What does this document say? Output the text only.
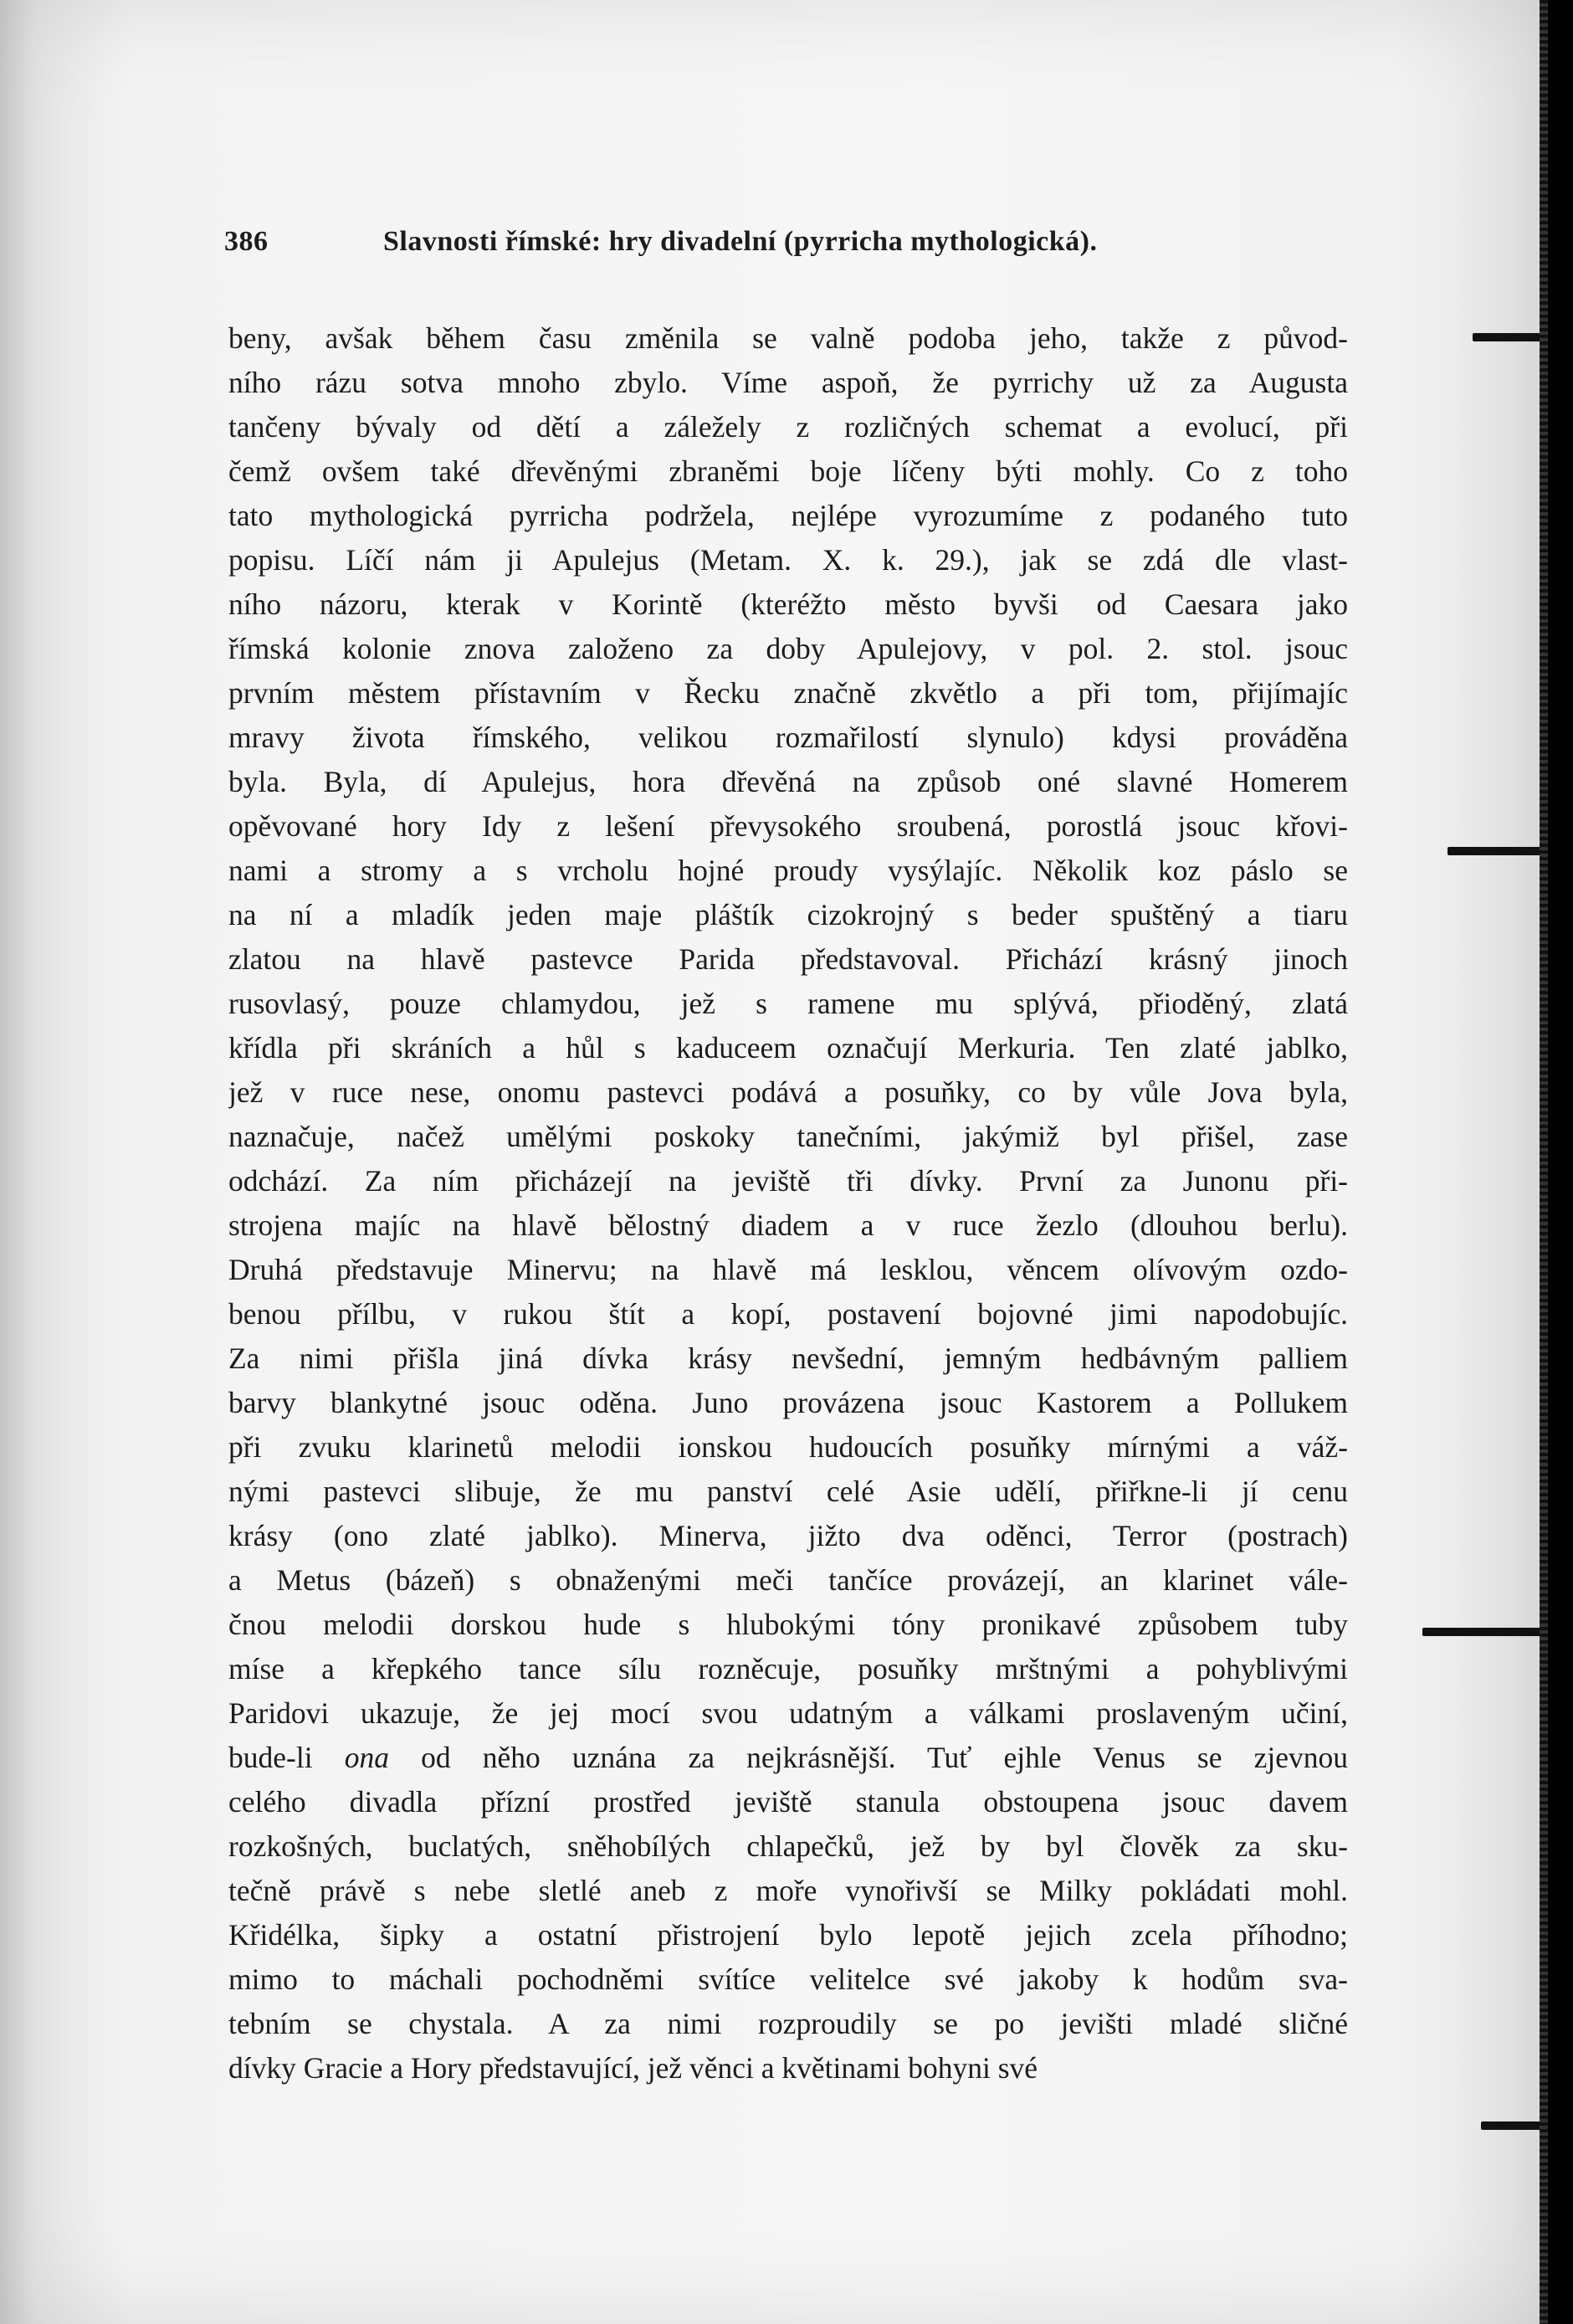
386	Slavnosti římské: hry divadelní (pyrricha mythologická).
beny, avšak během času změnila se valně podoba jeho, takže z původ-
ního rázu sotva mnoho zbylo. Víme aspoň, že pyrrichy už za Augusta
tančeny bývaly od dětí a záležely z rozličných schemat a evolucí, při
čemž ovšem také dřevěnými zbraněmi boje líčeny býti mohly. Co z toho
tato mythologická pyrricha podržela, nejlépe vyrozumíme z podaného tuto
popisu. Líčí nám ji Apulejus (Metam. X. k. 29.), jak se zdá dle vlast-
ního názoru, kterak v Korintě (kteréžto město byvši od Caesara jako
římská kolonie znova založeno za doby Apulejovy, v pol. 2. stol. jsouc
prvním městem přístavním v Řecku značně zkvětlo a při tom, přijímajíc
mravy života římského, velikou rozmařilostí slynulo) kdysi prováděna
byla. Byla, dí Apulejus, hora dřevěná na způsob oné slavné Homerem
opěvované hory Idy z lešení převysokého sroubená, porostlá jsouc křovi-
nami a stromy a s vrcholu hojné proudy vysýlajíc. Několik koz páslo se
na ní a mladík jeden maje pláštík cizokrojný s beder spuštěný a tiaru
zlatou na hlavě pastevce Parida představoval. Přichází krásný jinoch
rusovlasý, pouze chlamydou, jež s ramene mu splývá, přioděný, zlatá
křídla při skráních a hůl s kaduceem označují Merkuria. Ten zlaté jablko,
jež v ruce nese, onomu pastevci podává a posuňky, co by vůle Jova byla,
naznačuje, načež umělými poskoky tanečními, jakýmiž byl přišel, zase
odchází. Za ním přicházejí na jeviště tři dívky. První za Junonu při-
strojena majíc na hlavě bělostný diadem a v ruce žezlo (dlouhou berlu).
Druhá představuje Minervu; na hlavě má lesklou, věncem olívovým ozdo-
benou přílbu, v rukou štít a kopí, postavení bojovné jimi napodobujíc.
Za nimi přišla jiná dívka krásy nevšední, jemným hedbávným palliem
barvy blankytné jsouc oděna. Juno provázena jsouc Kastorem a Pollukem
při zvuku klarinetů melodii ionskou hudoucích posuňky mírnými a váž-
nými pastevci slibuje, že mu panství celé Asie udělí, přiřkne-li jí cenu
krásy (ono zlaté jablko). Minerva, jižto dva oděnci, Terror (postrach)
a Metus (bázeň) s obnaženými meči tančíce provázejí, an klarinet vále-
čnou melodii dorskou hude s hlubokými tóny pronikavé způsobem tuby
míse a křepkého tance sílu rozněcuje, posuňky mrštnými a pohyblivými
Paridovi ukazuje, že jej mocí svou udatným a válkami proslaveným učiní,
bude-li ona od něho uznána za nejkrásnější. Tuť ejhle Venus se zjevnou
celého divadla přízní prostřed jeviště stanula obstoupena jsouc davem
rozkošných, buclatých, sněhobílých chlapečků, jež by byl člověk za sku-
tečně právě s nebe sletlé aneb z moře vynořivší se Milky pokládati mohl.
Křidélka, šipky a ostatní přistrojení bylo lepotě jejich zcela příhodno;
mimo to máchali pochodněmi svítíce velitelce své jakoby k hodům sva-
tebním se chystala. A za nimi rozproudily se po jevišti mladé sličné
dívky Gracie a Hory představující, jež věnci a květinami bohyni své
